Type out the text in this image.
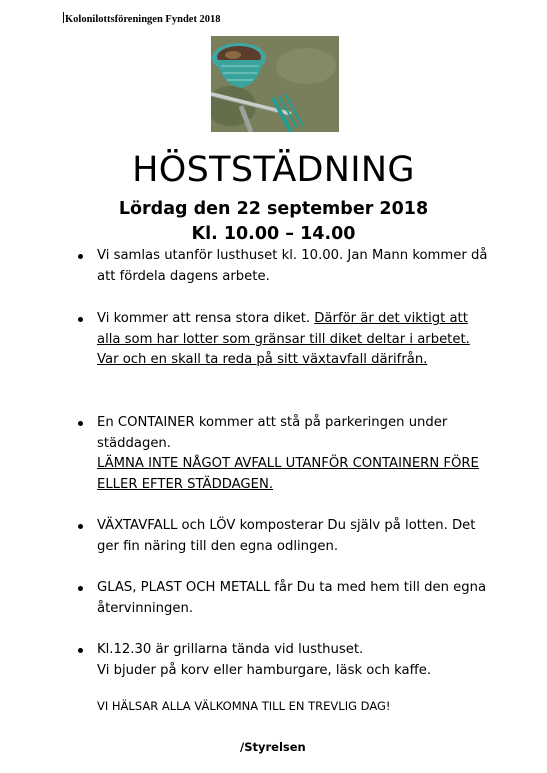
Kolonilottsföreningen Fyndet 2018
HÖSTSTÄDNING
Lördag den 22 september 2018
Kl. 10.00 – 14.00
Vi samlas utanför lusthuset kl. 10.00. Jan Mann kommer då att fördela dagens arbete.
Vi kommer att rensa stora diket. Därför är det viktigt att alla som har lotter som gränsar till diket deltar i arbetet. Var och en skall ta reda på sitt växtavfall därifrån.
En CONTAINER kommer att stå på parkeringen under städdagen.
LÄMNA INTE NÅGOT AVFALL UTANFÖR CONTAINERN FÖRE ELLER EFTER STÄDDAGEN.
VÄXTAVFALL och LÖV komposterar Du själv på lotten. Det ger fin näring till den egna odlingen.
GLAS, PLAST OCH METALL får Du ta med hem till den egna återvinningen.
Kl.12.30 är grillarna tända vid lusthuset.
Vi bjuder på korv eller hamburgare, läsk och kaffe.
VI HÄLSAR ALLA VÄLKOMNA TILL EN TREVLIG DAG!
/Styrelsen
